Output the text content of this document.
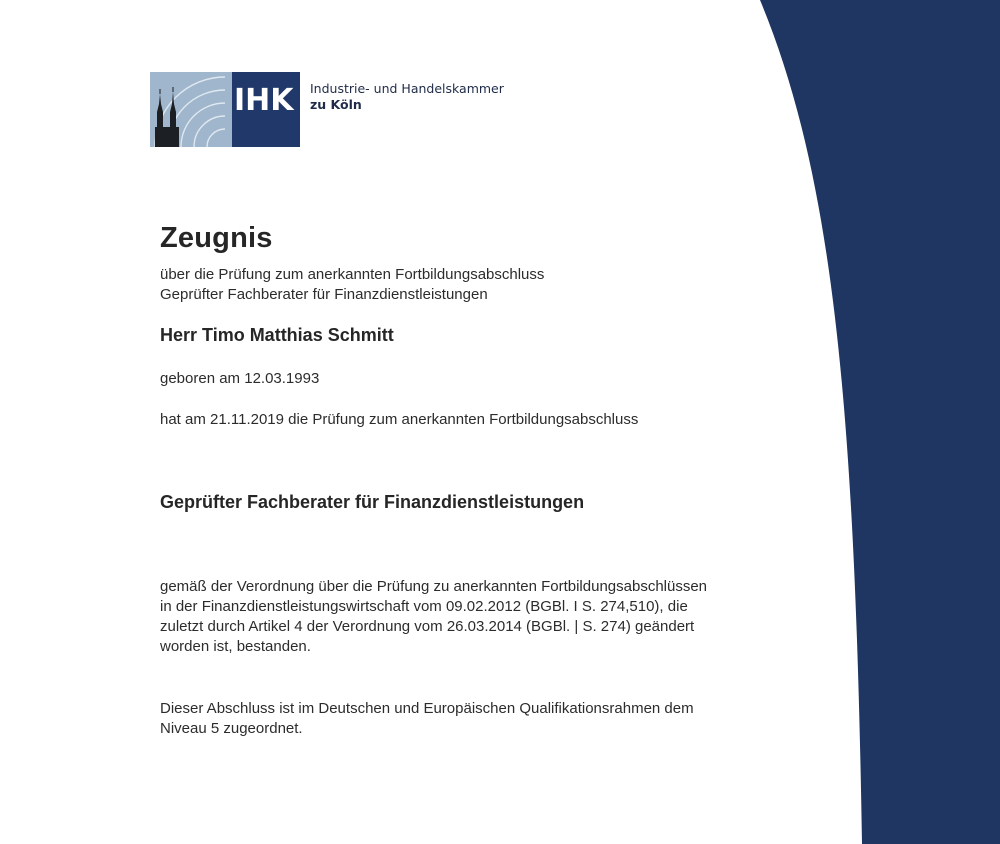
IHK Industrie- und Handelskammer
zu Köln
Zeugnis
über die Prüfung zum anerkannten Fortbildungsabschluss
Geprüfter Fachberater für Finanzdienstleistungen
Herr Timo Matthias Schmitt
geboren am 12.03.1993
hat am 21.11.2019 die Prüfung zum anerkannten Fortbildungsabschluss
Geprüfter Fachberater für Finanzdienstleistungen
gemäß der Verordnung über die Prüfung zu anerkannten Fortbildungsabschlüssen
in der Finanzdienstleistungswirtschaft vom 09.02.2012 (BGBl. I S. 274,510), die
zuletzt durch Artikel 4 der Verordnung vom 26.03.2014 (BGBl. | S. 274) geändert
worden ist, bestanden.
Dieser Abschluss ist im Deutschen und Europäischen Qualifikationsrahmen dem
Niveau 5 zugeordnet.
